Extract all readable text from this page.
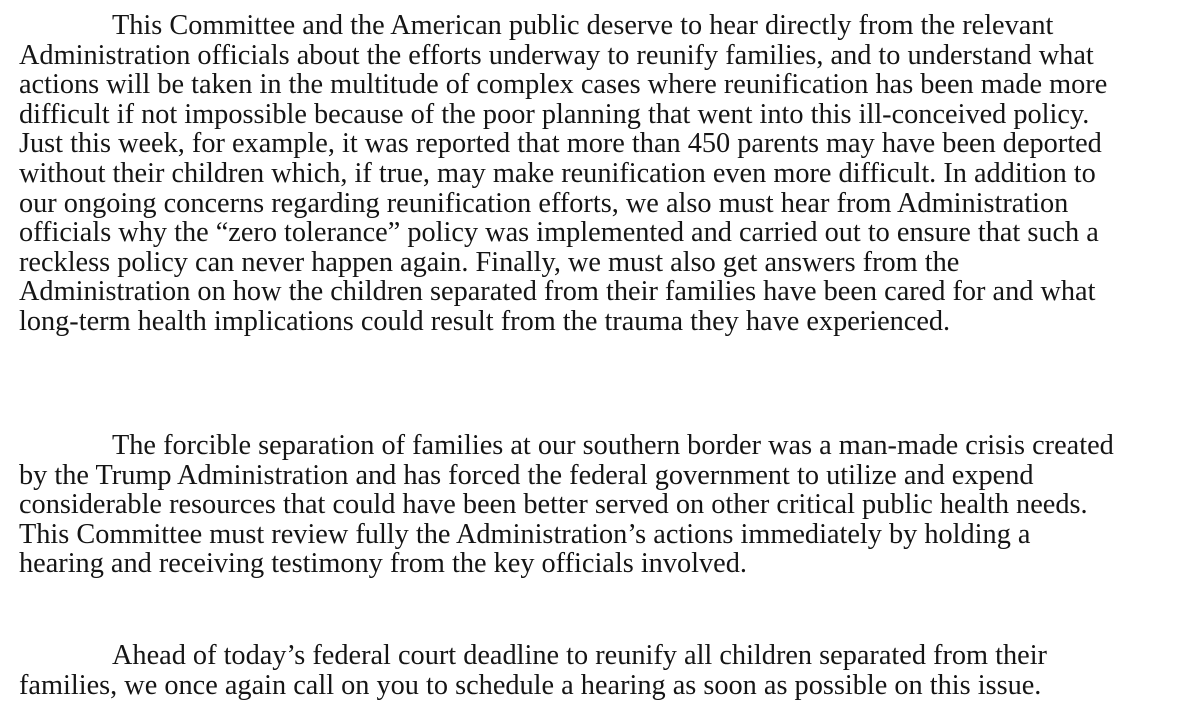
This Committee and the American public deserve to hear directly from the relevant
Administration officials about the efforts underway to reunify families, and to understand what
actions will be taken in the multitude of complex cases where reunification has been made more
difficult if not impossible because of the poor planning that went into this ill-conceived policy.
Just this week, for example, it was reported that more than 450 parents may have been deported
without their children which, if true, may make reunification even more difficult. In addition to
our ongoing concerns regarding reunification efforts, we also must hear from Administration
officials why the “zero tolerance” policy was implemented and carried out to ensure that such a
reckless policy can never happen again. Finally, we must also get answers from the
Administration on how the children separated from their families have been cared for and what
long-term health implications could result from the trauma they have experienced.

The forcible separation of families at our southern border was a man-made crisis created
by the Trump Administration and has forced the federal government to utilize and expend
considerable resources that could have been better served on other critical public health needs.
This Committee must review fully the Administration’s actions immediately by holding a
hearing and receiving testimony from the key officials involved.

Ahead of today’s federal court deadline to reunify all children separated from their
families, we once again call on you to schedule a hearing as soon as possible on this issue.
